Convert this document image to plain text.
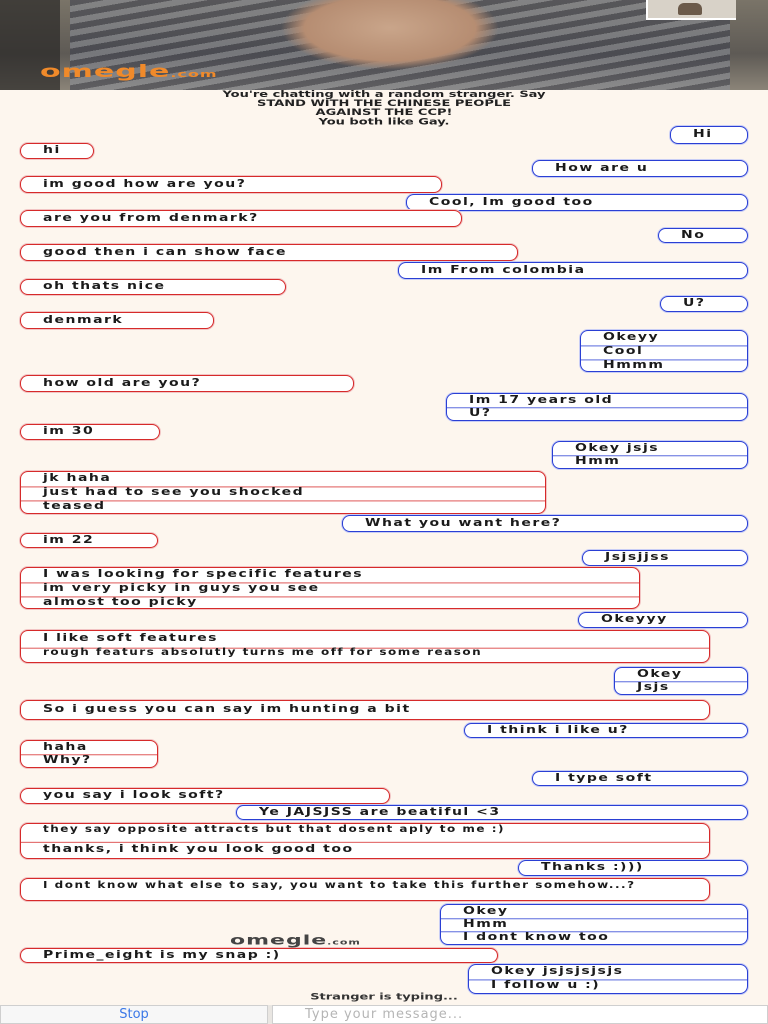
omegle.com
You're chatting with a random stranger. Say
STAND WITH THE CHINESE PEOPLE
AGAINST THE CCP!
You both like Gay.
Hi
hi
How are u
im good how are you?
Cool, Im good too
are you from denmark?
No
good then i can show face
Im From colombia
oh thats nice
U?
denmark
Okeyy
Cool
Hmmm
how old are you?
Im 17 years old
U?
im 30
Okey jsjs
Hmm
jk haha
just had to see you shocked
teased
What you want here?
im 22
Jsjsjjss
I was looking for specific features
im very picky in guys you see
almost too picky
Okeyyy
I like soft features
rough featurs absolutly turns me off for some reason
Okey
Jsjs
So i guess you can say im hunting a bit
I think i like u?
haha
Why?
I type soft
you say i look soft?
Ye JAJSJSS are beatiful <3
they say opposite attracts but that dosent aply to me :)
thanks, i think you look good too
Thanks :)))
I dont know what else to say, you want to take this further somehow...?
Okey
Hmm
I dont know too
Prime_eight is my snap :)
Okey jsjsjsjsjs
I follow u :)
omegle.com
Stranger is typing...
Stop	Type your message...
